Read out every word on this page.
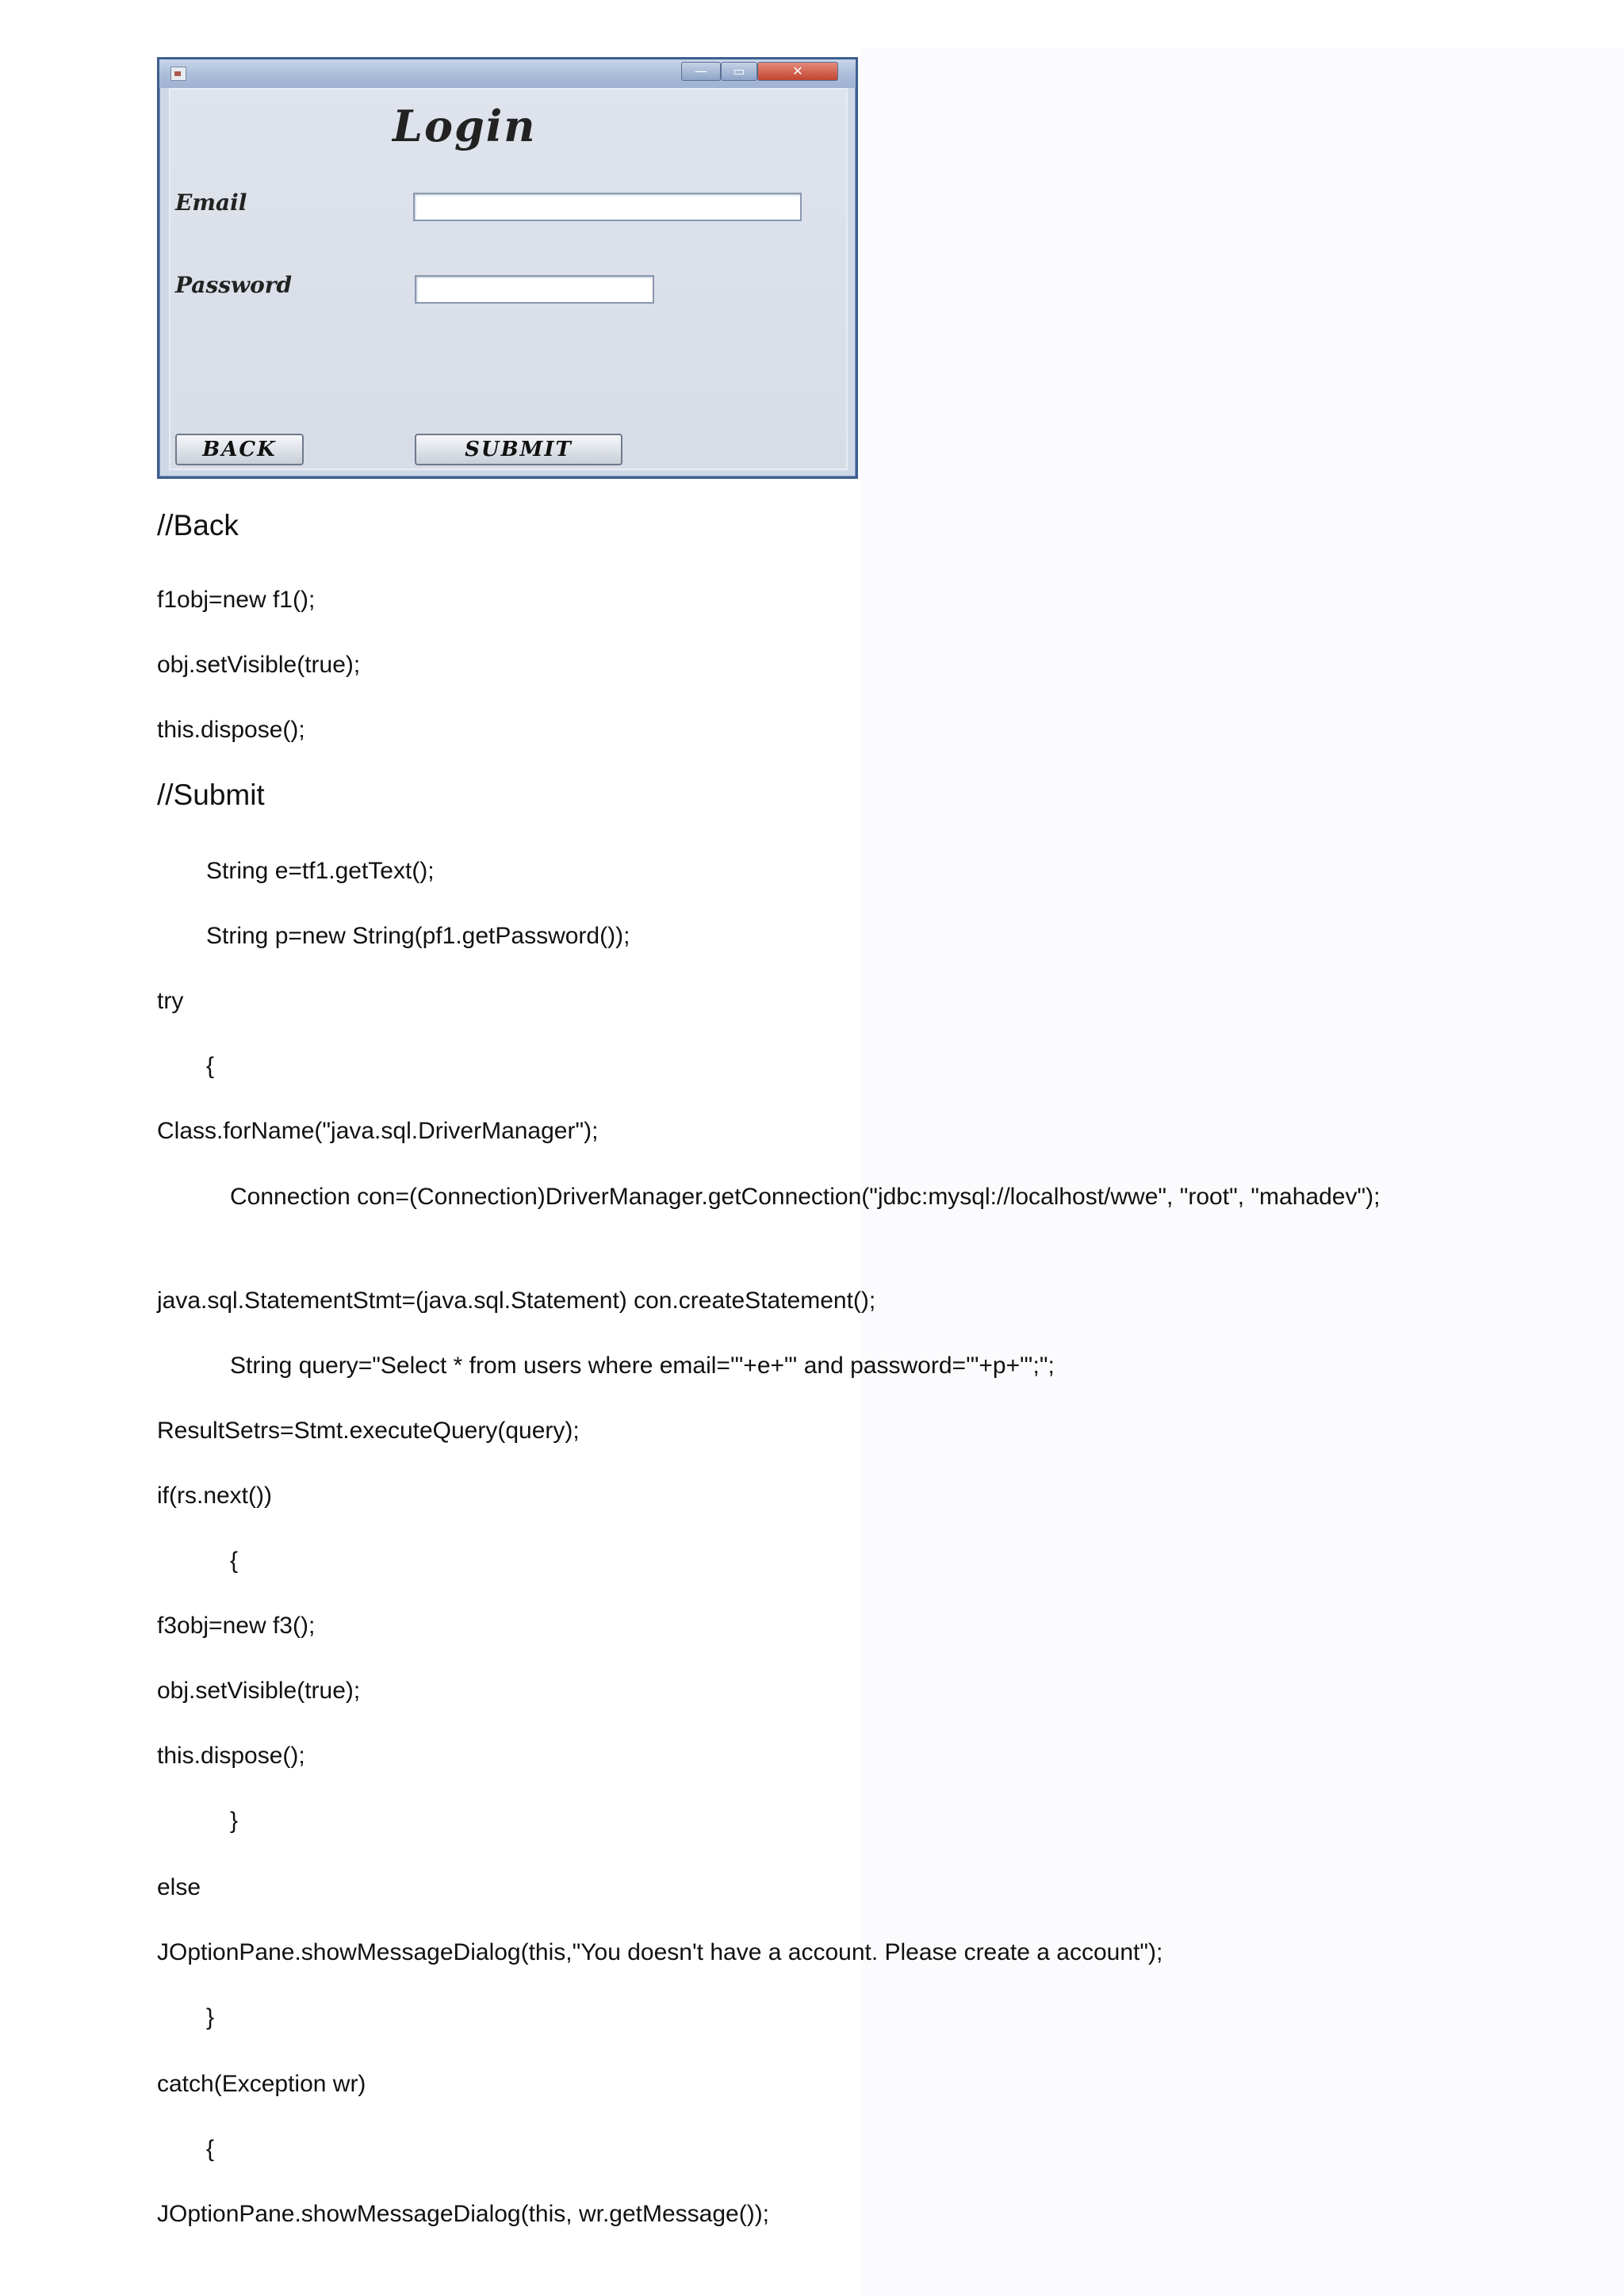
—	▭	✕
Login
Email
Password
BACK	SUBMIT

//Back

f1obj=new f1();

obj.setVisible(true);

this.dispose();

//Submit

String e=tf1.getText();

String p=new String(pf1.getPassword());

try

{

Class.forName("java.sql.DriverManager");

Connection con=(Connection)DriverManager.getConnection("jdbc:mysql://localhost/wwe", "root", "mahadev");

java.sql.StatementStmt=(java.sql.Statement) con.createStatement();

String query="Select * from users where email='"+e+"' and password='"+p+"';";

ResultSetrs=Stmt.executeQuery(query);

if(rs.next())

{

f3obj=new f3();

obj.setVisible(true);

this.dispose();

}

else

JOptionPane.showMessageDialog(this,"You doesn't have a account. Please create a account");

}

catch(Exception wr)

{

JOptionPane.showMessageDialog(this, wr.getMessage());
